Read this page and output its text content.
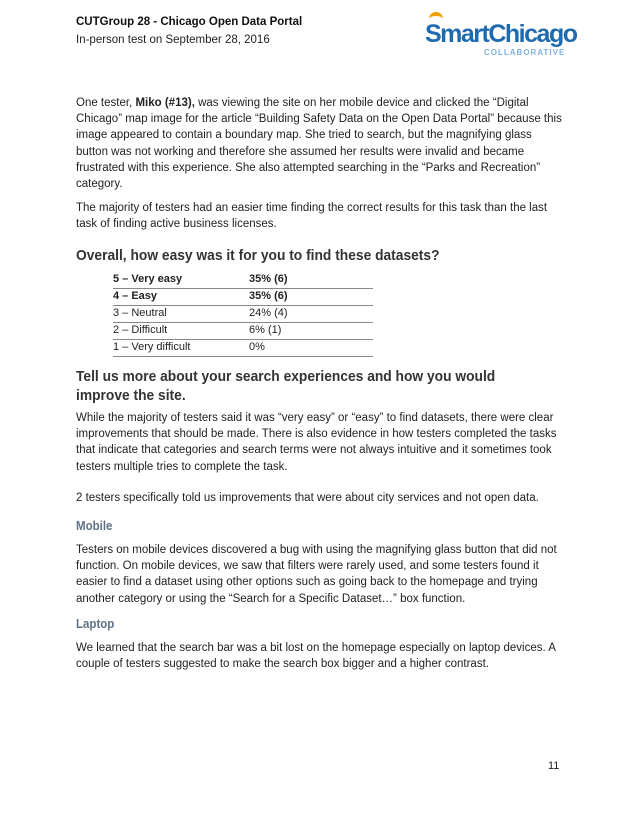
CUTGroup 28 - Chicago Open Data Portal
In-person test on September 28, 2016	SmartChicago
COLLABORATIVE

One tester, Miko (#13), was viewing the site on her mobile device and clicked the “Digital Chicago” map image for the article “Building Safety Data on the Open Data Portal” because this image appeared to contain a boundary map. She tried to search, but the magnifying glass button was not working and therefore she assumed her results were invalid and became frustrated with this experience. She also attempted searching in the “Parks and Recreation” category.

The majority of testers had an easier time finding the correct results for this task than the last task of finding active business licenses.

Overall, how easy was it for you to find these datasets?
5 – Very easy	35% (6)
4 – Easy	35% (6)
3 – Neutral	24% (4)
2 – Difficult	6% (1)
1 – Very difficult	0%
Tell us more about your search experiences and how you would improve the site.

While the majority of testers said it was “very easy” or “easy” to find datasets, there were clear improvements that should be made. There is also evidence in how testers completed the tasks that indicate that categories and search terms were not always intuitive and it sometimes took testers multiple tries to complete the task.

2 testers specifically told us improvements that were about city services and not open data.

Mobile

Testers on mobile devices discovered a bug with using the magnifying glass button that did not function. On mobile devices, we saw that filters were rarely used, and some testers found it easier to find a dataset using other options such as going back to the homepage and trying another category or using the “Search for a Specific Dataset…” box function.

Laptop

We learned that the search bar was a bit lost on the homepage especially on laptop devices. A couple of testers suggested to make the search box bigger and a higher contrast.

11
